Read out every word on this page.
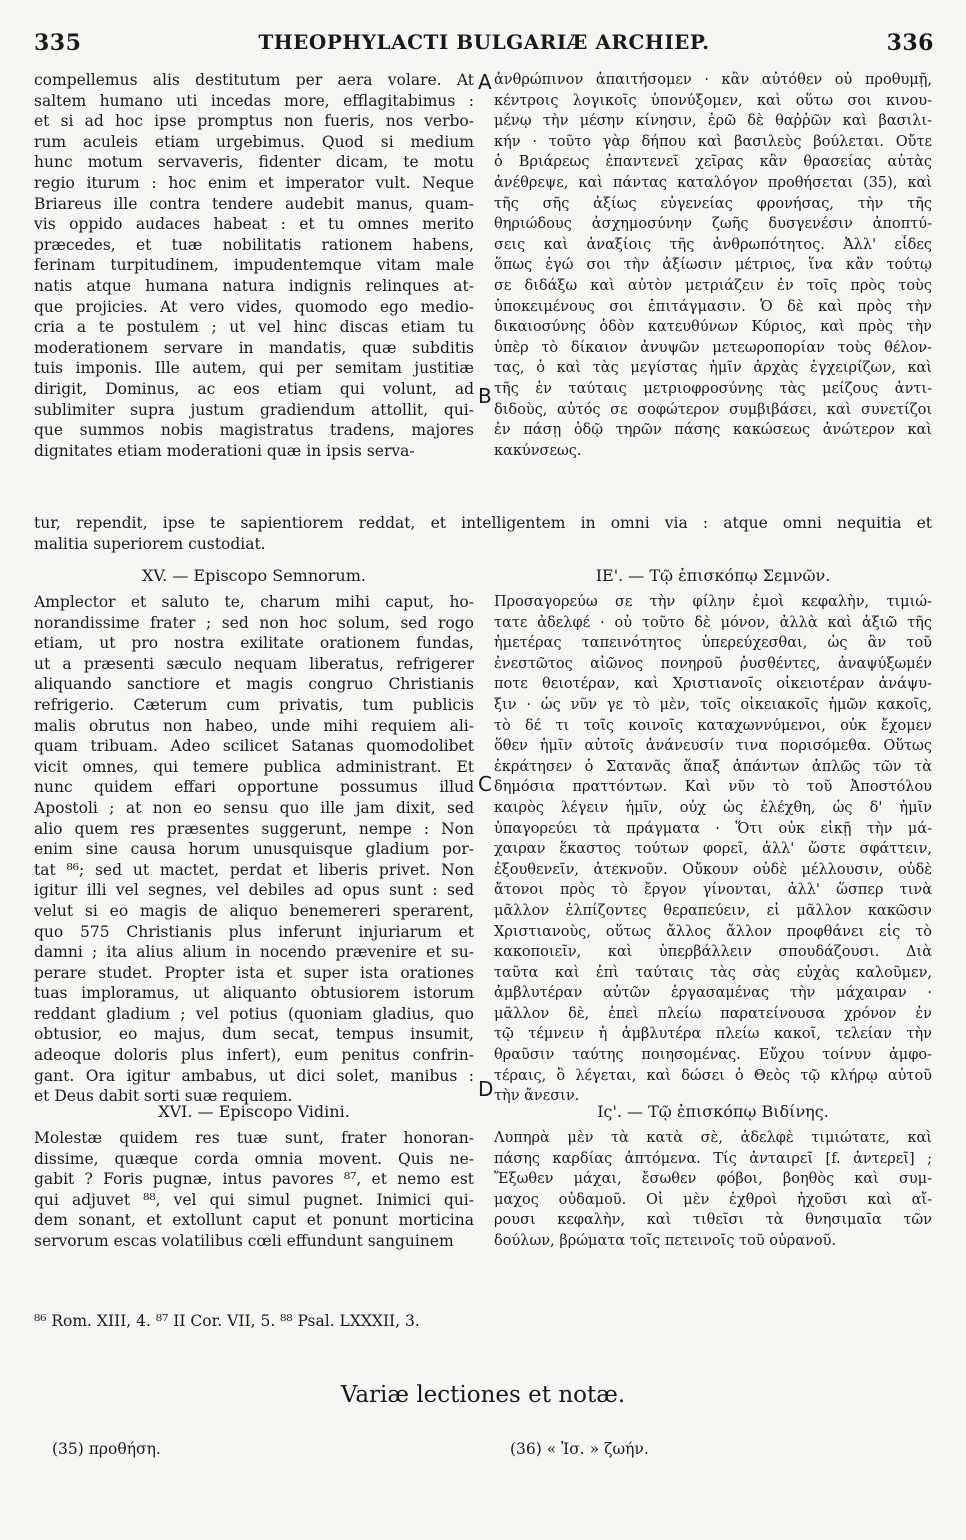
335	THEOPHYLACTI BULGARIÆ ARCHIEP.	336
compellemus alis destitutum per aera volare. At
saltem humano uti incedas more, efflagitabimus :
et si ad hoc ipse promptus non fueris, nos verbo-
rum aculeis etiam urgebimus. Quod si medium
hunc motum servaveris, fidenter dicam, te motu
regio iturum : hoc enim et imperator vult. Neque
Briareus ille contra tendere audebit manus, quam-
vis oppido audaces habeat : et tu omnes merito
præcedes, et tuæ nobilitatis rationem habens,
ferinam turpitudinem, impudentemque vitam male
natis atque humana natura indignis relinques at-
que projicies. At vero vides, quomodo ego medio-
cria a te postulem ; ut vel hinc discas etiam tu
moderationem servare in mandatis, quæ subditis
tuis imponis. Ille autem, qui per semitam justitiæ
dirigit, Dominus, ac eos etiam qui volunt, ad
sublimiter supra justum gradiendum attollit, qui-
que summos nobis magistratus tradens, majores
dignitates etiam moderationi quæ in ipsis serva-
ἀνθρώπινον ἀπαιτήσομεν · κἂν αὐτόθεν οὐ προθυμῇ,
κέντροις λογικοῖς ὑπονύξομεν, καὶ οὕτω σοι κινου-
μένῳ τὴν μέσην κίνησιν, ἐρῶ δὲ θαῤῥῶν καὶ βασιλι-
κήν · τοῦτο γὰρ δήπου καὶ βασιλεὺς βούλεται. Οὔτε
ὁ Βριάρεως ἐπαντενεῖ χεῖρας κἂν θρασείας αὐτὰς
ἀνέθρεψε, καὶ πάντας καταλόγον προθήσεται (35), καὶ
τῆς σῆς ἀξίως εὐγενείας φρονήσας, τὴν τῆς
θηριώδους ἀσχημοσύνην ζωῆς δυσγενέσιν ἀποπτύ-
σεις καὶ ἀναξίοις τῆς ἀνθρωπότητος. Ἀλλ' εἶδες
ὅπως ἐγώ σοι τὴν ἀξίωσιν μέτριος, ἵνα κἂν τούτῳ
σε διδάξω καὶ αὐτὸν μετριάζειν ἐν τοῖς πρὸς τοὺς
ὑποκειμένους σοι ἐπιτάγμασιν. Ὁ δὲ καὶ πρὸς τὴν
δικαιοσύνης ὁδὸν κατευθύνων Κύριος, καὶ πρὸς τὴν
ὑπὲρ τὸ δίκαιον ἀνυψῶν μετεωροπορίαν τοὺς θέλον-
τας, ὁ καὶ τὰς μεγίστας ἡμῖν ἀρχὰς ἐγχειρίζων, καὶ
τῆς ἐν ταύταις μετριοφροσύνης τὰς μείζους ἀντι-
διδοὺς, αὐτός σε σοφώτερον συμβιβάσει, καὶ συνετίζοι
ἐν πάσῃ ὁδῷ τηρῶν πάσης κακώσεως ἀνώτερον καὶ
κακύνσεως.
A
B
C
D
tur, rependit, ipse te sapientiorem reddat, et intelligentem in omni via : atque omni nequitia et
malitia superiorem custodiat.
XV. — Episcopo Semnorum.	ΙΕ'. — Τῷ ἐπισκόπῳ Σεμνῶν.
Amplector et saluto te, charum mihi caput, ho-
norandissime frater ; sed non hoc solum, sed rogo
etiam, ut pro nostra exilitate orationem fundas,
ut a præsenti sæculo nequam liberatus, refrigerer
aliquando sanctiore et magis congruo Christianis
refrigerio. Cæterum cum privatis, tum publicis
malis obrutus non habeo, unde mihi requiem ali-
quam tribuam. Adeo scilicet Satanas quomodolibet
vicit omnes, qui temere publica administrant. Et
nunc quidem effari opportune possumus illud
Apostoli ; at non eo sensu quo ille jam dixit, sed
alio quem res præsentes suggerunt, nempe : Non
enim sine causa horum unusquisque gladium por-
tat ⁸⁶; sed ut mactet, perdat et liberis privet. Non
igitur illi vel segnes, vel debiles ad opus sunt : sed
velut si eo magis de aliquo benemereri sperarent,
quo 575 Christianis plus inferunt injuriarum et
damni ; ita alius alium in nocendo prævenire et su-
perare studet. Propter ista et super ista orationes
tuas imploramus, ut aliquanto obtusiorem istorum
reddant gladium ; vel potius (quoniam gladius, quo
obtusior, eo majus, dum secat, tempus insumit,
adeoque doloris plus infert), eum penitus confrin-
gant. Ora igitur ambabus, ut dici solet, manibus :
et Deus dabit sorti suæ requiem.
Προσαγορεύω σε τὴν φίλην ἐμοὶ κεφαλὴν, τιμιώ-
τατε ἀδελφέ · οὐ τοῦτο δὲ μόνον, ἀλλὰ καὶ ἀξιῶ τῆς
ἡμετέρας ταπεινότητος ὑπερεύχεσθαι, ὡς ἂν τοῦ
ἐνεστῶτος αἰῶνος πονηροῦ ῥυσθέντες, ἀναψύξωμέν
ποτε θειοτέραν, καὶ Χριστιανοῖς οἰκειοτέραν ἀνάψυ-
ξιν · ὡς νῦν γε τὸ μὲν, τοῖς οἰκειακοῖς ἡμῶν κακοῖς,
τὸ δέ τι τοῖς κοινοῖς καταχωννύμενοι, οὐκ ἔχομεν
ὅθεν ἡμῖν αὐτοῖς ἀνάνευσίν τινα πορισόμεθα. Οὕτως
ἐκράτησεν ὁ Σατανᾶς ἅπαξ ἁπάντων ἁπλῶς τῶν τὰ
δημόσια πραττόντων. Καὶ νῦν τὸ τοῦ Ἀποστόλου
καιρὸς λέγειν ἡμῖν, οὐχ ὡς ἐλέχθη, ὡς δ' ἡμῖν
ὑπαγορεύει τὰ πράγματα · Ὅτι οὐκ εἰκῇ τὴν μά-
χαιραν ἕκαστος τούτων φορεῖ, ἀλλ' ὥστε σφάττειν,
ἐξουθενεῖν, ἀτεκνοῦν. Οὔκουν οὐδὲ μέλλουσιν, οὐδὲ
ἄτονοι πρὸς τὸ ἔργον γίνονται, ἀλλ' ὥσπερ τινὰ
μᾶλλον ἐλπίζοντες θεραπεύειν, εἰ μᾶλλον κακῶσιν
Χριστιανοὺς, οὕτως ἄλλος ἄλλον προφθάνει εἰς τὸ
κακοποιεῖν, καὶ ὑπερβάλλειν σπουδάζουσι. Διὰ
ταῦτα καὶ ἐπὶ ταύταις τὰς σὰς εὐχὰς καλοῦμεν,
ἀμβλυτέραν αὐτῶν ἐργασαμένας τὴν μάχαιραν ·
μᾶλλον δὲ, ἐπεὶ πλείω παρατείνουσα χρόνον ἐν
τῷ τέμνειν ἡ ἀμβλυτέρα πλείω κακοῖ, τελείαν τὴν
θραῦσιν ταύτης ποιησομένας. Εὔχου τοίνυν ἀμφο-
τέραις, ὃ λέγεται, καὶ δώσει ὁ Θεὸς τῷ κλήρῳ αὐτοῦ
τὴν ἄνεσιν.
XVI. — Episcopo Vidini.	Ις'. — Τῷ ἐπισκόπῳ Βιδίνης.
Molestæ quidem res tuæ sunt, frater honoran-
dissime, quæque corda omnia movent. Quis ne-
gabit ? Foris pugnæ, intus pavores ⁸⁷, et nemo est
qui adjuvet ⁸⁸, vel qui simul pugnet. Inimici qui-
dem sonant, et extollunt caput et ponunt morticina
servorum escas volatilibus cœli effundunt sanguinem
Λυπηρὰ μὲν τὰ κατὰ σὲ, ἀδελφὲ τιμιώτατε, καὶ
πάσης καρδίας ἁπτόμενα. Τίς ἀνταιρεῖ [f. ἀντερεῖ] ;
Ἔξωθεν μάχαι, ἔσωθεν φόβοι, βοηθὸς καὶ συμ-
μαχος οὐδαμοῦ. Οἱ μὲν ἐχθροὶ ἠχοῦσι καὶ αἴ-
ρουσι κεφαλὴν, καὶ τιθεῖσι τὰ θνησιμαῖα τῶν
δούλων, βρώματα τοῖς πετεινοῖς τοῦ οὐρανοῦ.
⁸⁶ Rom. XIII, 4. ⁸⁷ II Cor. VII, 5. ⁸⁸ Psal. LXXXII, 3.
Variæ lectiones et notæ.
(35) προθήση.	(36) « Ἰσ. » ζωήν.
